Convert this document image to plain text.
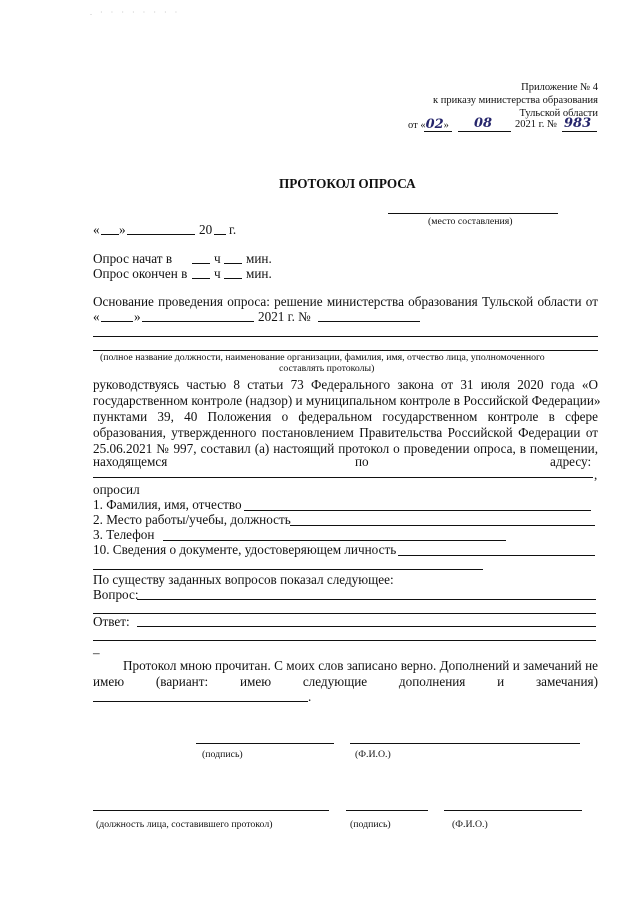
. · · · · · · · ·
Приложение № 4
к приказу министерства образования
Тульской области
от «02» 08 2021 г. № 983
ПРОТОКОЛ ОПРОСА
« »	20 г.
(место составления)
Опрос начат в	ч мин.
Опрос окончен в ч мин.
Основание проведения опроса: решение министерства образования Тульской области от
«	»	2021 г. №
(полное название должности, наименование организации, фамилия, имя, отчество лица, уполномоченного
составлять протоколы)
руководствуясь частью 8 статьи 73 Федерального закона от 31 июля 2020 года «О
государственном контроле (надзор) и муниципальном контроле в Российской Федерации»
пунктами 39, 40 Положения о федеральном государственном контроле в сфере
образования, утвержденного постановлением Правительства Российской Федерации от
25.06.2021 № 997, составил (а) настоящий протокол о проведении опроса, в помещении,
находящемся	по	адресу:
,
опросил
1. Фамилия, имя, отчество
2. Место работы/учебы, должность
3. Телефон
10. Сведения о документе, удостоверяющем личность
По существу заданных вопросов показал следующее:
Вопрос:
Ответ:
–
Протокол мною прочитан. С моих слов записано верно. Дополнений и замечаний не
имею (вариант: имею следующие дополнения и замечания)
.
(подпись)	(Ф.И.О.)
(должность лица, составившего протокол)	(подпись)	(Ф.И.О.)
